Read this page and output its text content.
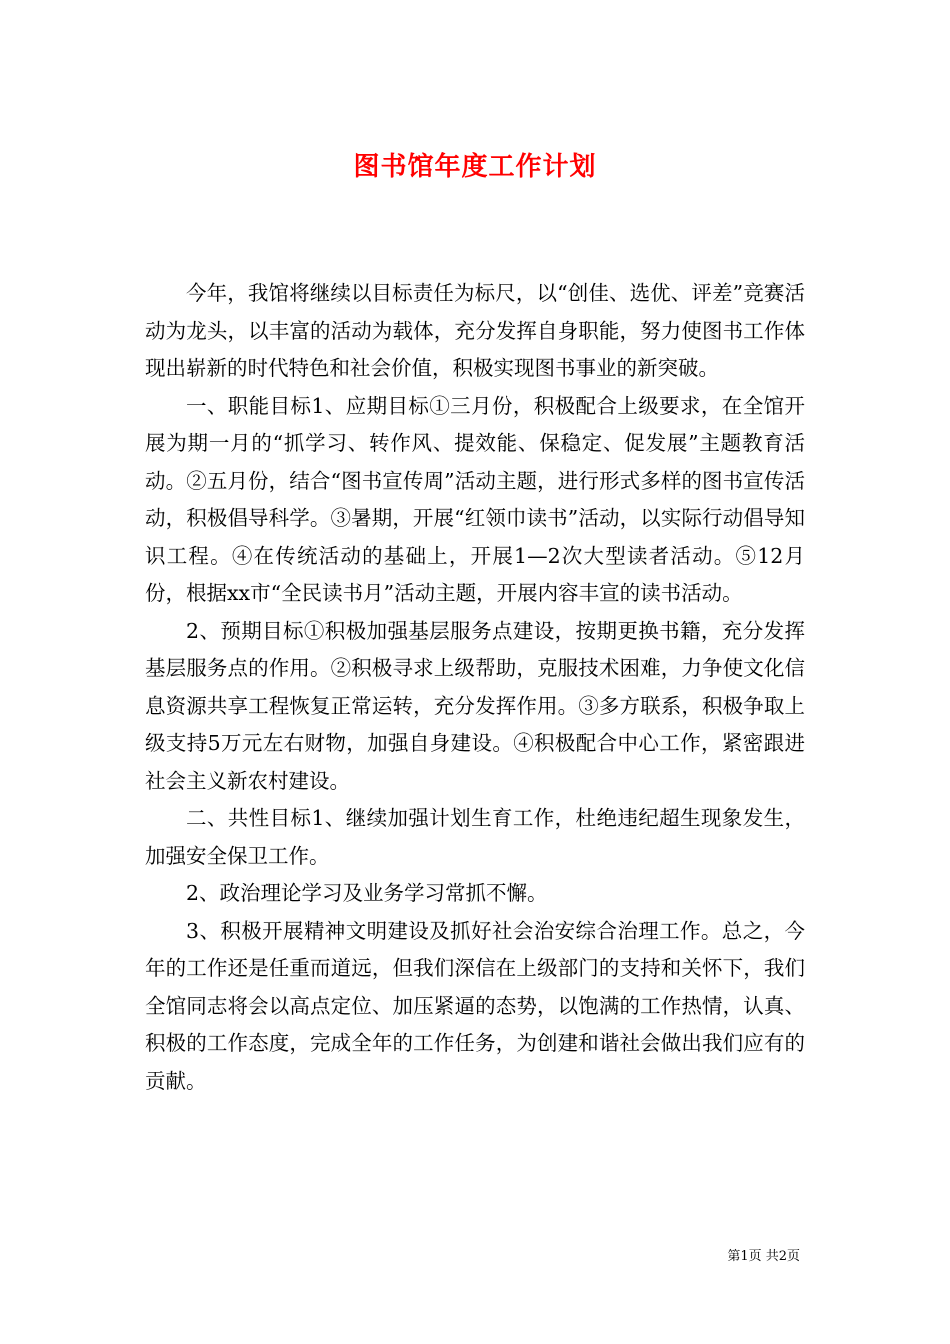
图书馆年度工作计划

今年，我馆将继续以目标责任为标尺，以“创佳、选优、评差”竞赛活动为龙头，以丰富的活动为载体，充分发挥自身职能，努力使图书工作体现出崭新的时代特色和社会价值，积极实现图书事业的新突破。

一、职能目标1、应期目标①三月份，积极配合上级要求，在全馆开展为期一月的“抓学习、转作风、提效能、保稳定、促发展”主题教育活动。②五月份，结合“图书宣传周”活动主题，进行形式多样的图书宣传活动，积极倡导科学。③暑期，开展“红领巾读书”活动，以实际行动倡导知识工程。④在传统活动的基础上，开展1—2次大型读者活动。⑤12月份，根据xx市“全民读书月”活动主题，开展内容丰宣的读书活动。

2、预期目标①积极加强基层服务点建设，按期更换书籍，充分发挥基层服务点的作用。②积极寻求上级帮助，克服技术困难，力争使文化信息资源共享工程恢复正常运转，充分发挥作用。③多方联系，积极争取上级支持5万元左右财物，加强自身建设。④积极配合中心工作，紧密跟进社会主义新农村建设。

二、共性目标1、继续加强计划生育工作，杜绝违纪超生现象发生，加强安全保卫工作。

2、政治理论学习及业务学习常抓不懈。

3、积极开展精神文明建设及抓好社会治安综合治理工作。总之，今年的工作还是任重而道远，但我们深信在上级部门的支持和关怀下，我们全馆同志将会以高点定位、加压紧逼的态势，以饱满的工作热情，认真、积极的工作态度，完成全年的工作任务，为创建和谐社会做出我们应有的贡献。

第1页 共2页
